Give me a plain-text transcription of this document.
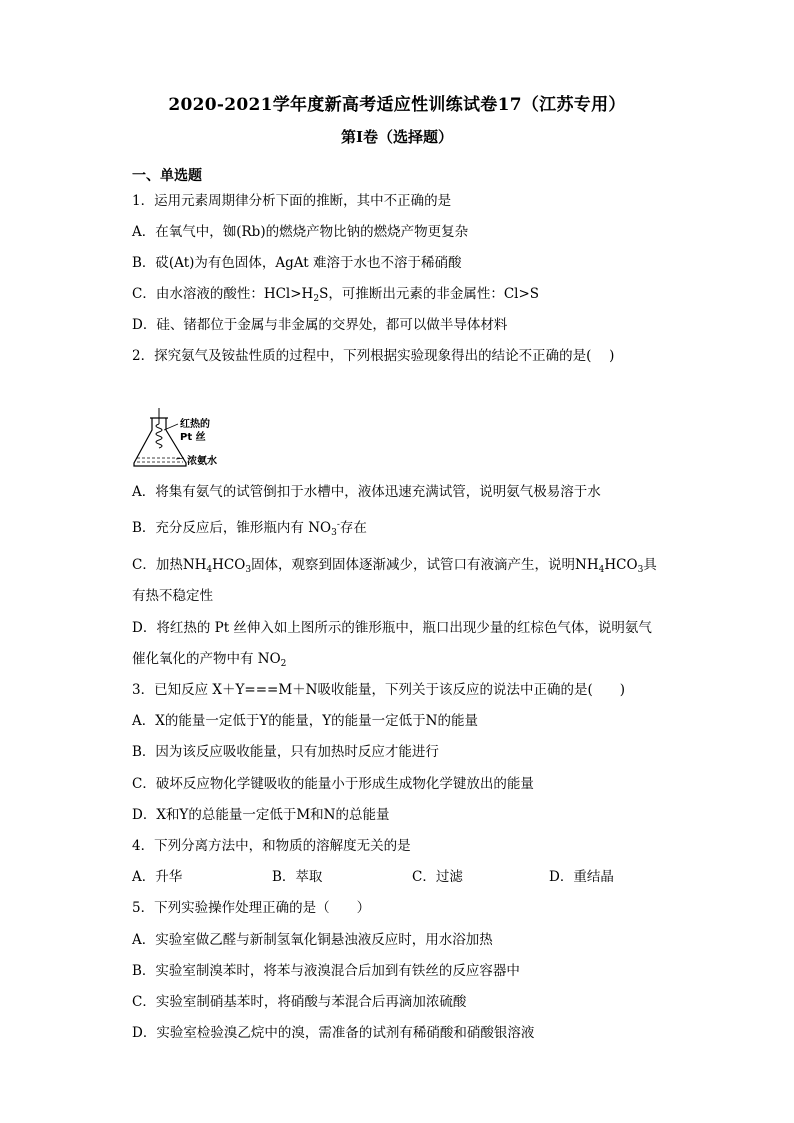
2020-2021学年度新高考适应性训练试卷17（江苏专用）
第I卷（选择题）
一、单选题
1．运用元素周期律分析下面的推断，其中不正确的是
A．在氧气中，铷(Rb)的燃烧产物比钠的燃烧产物更复杂
B．砹(At)为有色固体，AgAt 难溶于水也不溶于稀硝酸
C．由水溶液的酸性：$HCl>H_2S$，可推断出元素的非金属性：Cl>S
D．硅、锗都位于金属与非金属的交界处，都可以做半导体材料
2．探究氨气及铵盐性质的过程中，下列根据实验现象得出的结论不正确的是(　 )
红热的
Pt 丝
浓氨水
A．将集有氨气的试管倒扣于水槽中，液体迅速充满试管，说明氨气极易溶于水
B．充分反应后，锥形瓶内有 $NO_3^-$存在
C．加热$NH_4HCO_3$固体，观察到固体逐渐减少，试管口有液滴产生，说明$NH_4HCO_3$具
有热不稳定性
D．将红热的 Pt 丝伸入如上图所示的锥形瓶中，瓶口出现少量的红棕色气体，说明氨气
催化氧化的产物中有 $NO_2$
3．已知反应 X＋Y===M＋N吸收能量，下列关于该反应的说法中正确的是(　　)
A．X的能量一定低于Y的能量，Y的能量一定低于N的能量
B．因为该反应吸收能量，只有加热时反应才能进行
C．破坏反应物化学键吸收的能量小于形成生成物化学键放出的能量
D．X和Y的总能量一定低于M和N的总能量
4．下列分离方法中，和物质的溶解度无关的是
A．升华	B．萃取	C．过滤	D．重结晶
5．下列实验操作处理正确的是（　　）
A．实验室做乙醛与新制氢氧化铜悬浊液反应时，用水浴加热
B．实验室制溴苯时，将苯与液溴混合后加到有铁丝的反应容器中
C．实验室制硝基苯时，将硝酸与苯混合后再滴加浓硫酸
D．实验室检验溴乙烷中的溴，需准备的试剂有稀硝酸和硝酸银溶液
